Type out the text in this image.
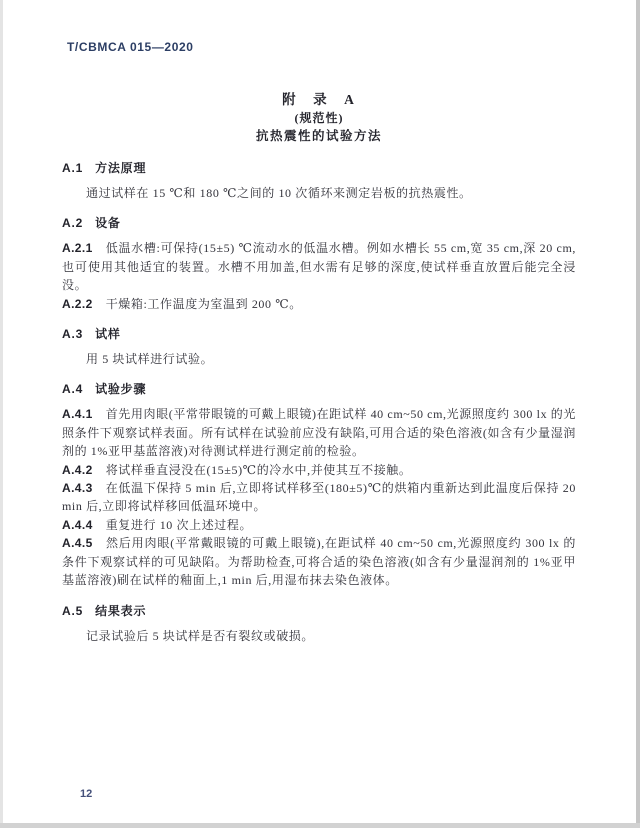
T/CBMCA 015—2020
附　录　A
(规范性)
抗热震性的试验方法
A.1 方法原理

通过试样在 15 ℃和 180 ℃之间的 10 次循环来测定岩板的抗热震性。

A.2 设备

A.2.1 低温水槽:可保持(15±5) ℃流动水的低温水槽。例如水槽长 55 cm,宽 35 cm,深 20 cm,也可使用其他适宜的装置。水槽不用加盖,但水需有足够的深度,使试样垂直放置后能完全浸没。

A.2.2 干燥箱:工作温度为室温到 200 ℃。

A.3 试样

用 5 块试样进行试验。

A.4 试验步骤

A.4.1 首先用肉眼(平常带眼镜的可戴上眼镜)在距试样 40 cm~50 cm,光源照度约 300 lx 的光照条件下观察试样表面。所有试样在试验前应没有缺陷,可用合适的染色溶液(如含有少量湿润剂的 1%亚甲基蓝溶液)对待测试样进行测定前的检验。

A.4.2 将试样垂直浸没在(15±5)℃的冷水中,并使其互不接触。

A.4.3 在低温下保持 5 min 后,立即将试样移至(180±5)℃的烘箱内重新达到此温度后保持 20 min 后,立即将试样移回低温环境中。

A.4.4 重复进行 10 次上述过程。

A.4.5 然后用肉眼(平常戴眼镜的可戴上眼镜),在距试样 40 cm~50 cm,光源照度约 300 lx 的条件下观察试样的可见缺陷。为帮助检查,可将合适的染色溶液(如含有少量湿润剂的 1%亚甲基蓝溶液)刷在试样的釉面上,1 min 后,用湿布抹去染色液体。

A.5 结果表示

记录试验后 5 块试样是否有裂纹或破损。

12
